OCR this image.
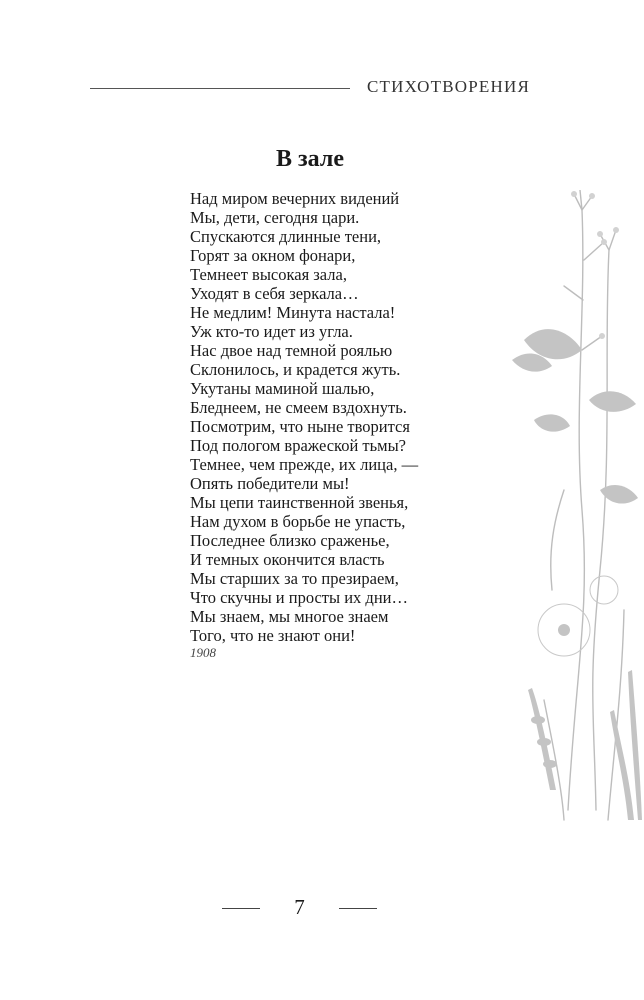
СТИХОТВОРЕНИЯ
В зале
Над миром вечерних видений
Мы, дети, сегодня цари.
Спускаются длинные тени,
Горят за окном фонари,
Темнеет высокая зала,
Уходят в себя зеркала…
Не медлим! Минута настала!
Уж кто-то идет из угла.
Нас двое над темной роялью
Склонилось, и крадется жуть.
Укутаны маминой шалью,
Бледнеем, не смеем вздохнуть.
Посмотрим, что ныне творится
Под пологом вражеской тьмы?
Темнее, чем прежде, их лица, —
Опять победители мы!
Мы цепи таинственной звенья,
Нам духом в борьбе не упасть,
Последнее близко сраженье,
И темных окончится власть
Мы старших за то презираем,
Что скучны и просты их дни…
Мы знаем, мы многое знаем
Того, что не знают они!
1908
7
